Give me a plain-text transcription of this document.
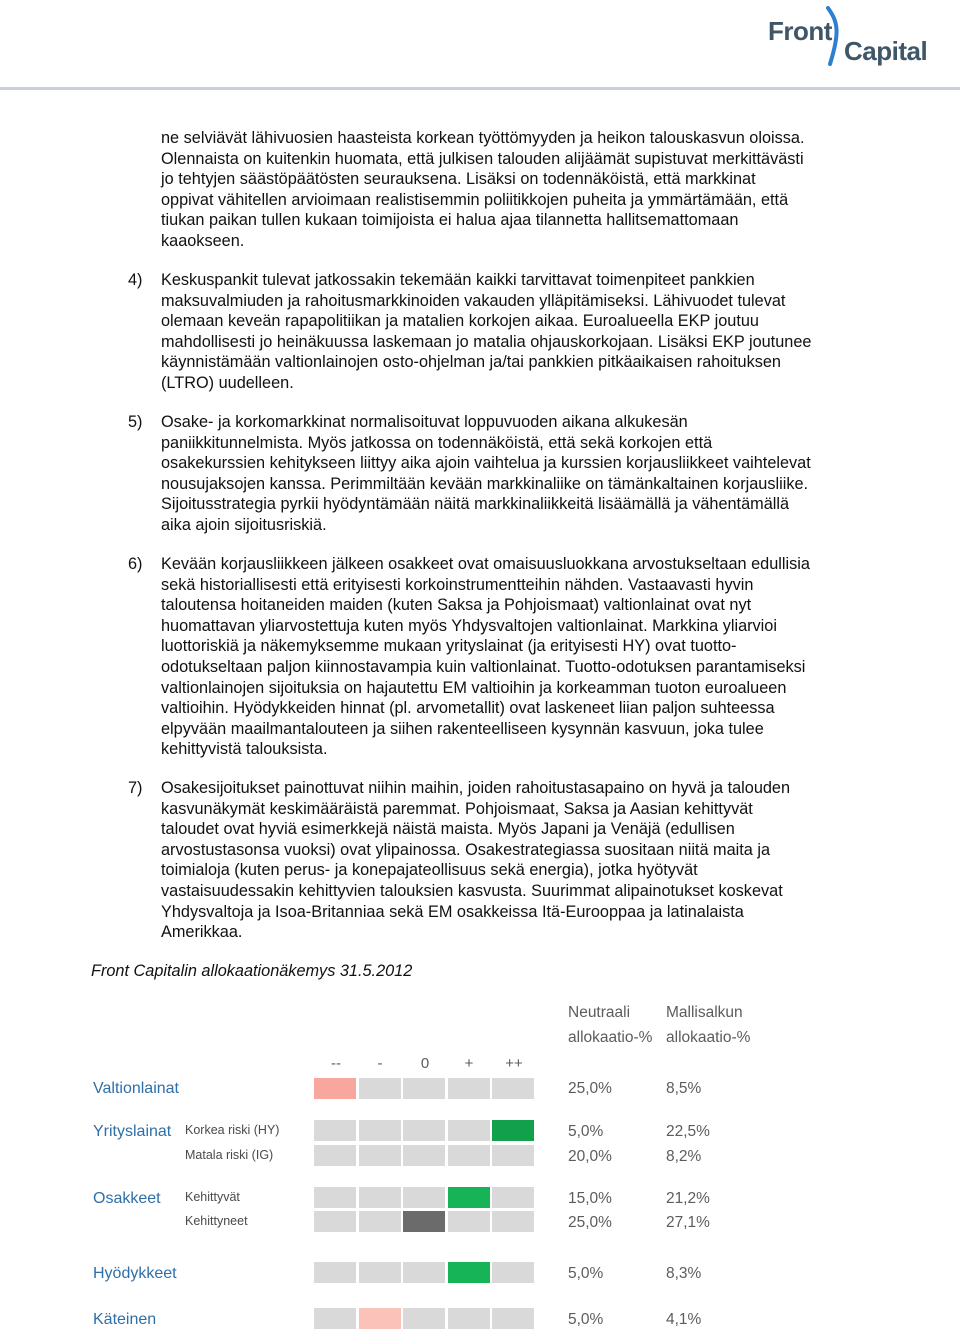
Front
Capital

ne selviävät lähivuosien haasteista korkean työttömyyden ja heikon talouskasvun oloissa.
Olennaista on kuitenkin huomata, että julkisen talouden alijäämät supistuvat merkittävästi
jo tehtyjen säästöpäätösten seurauksena. Lisäksi on todennäköistä, että markkinat
oppivat vähitellen arvioimaan realistisemmin poliitikkojen puheita ja ymmärtämään, että
tiukan paikan tullen kukaan toimijoista ei halua ajaa tilannetta hallitsemattomaan
kaaokseen.

4) Keskuspankit tulevat jatkossakin tekemään kaikki tarvittavat toimenpiteet pankkien
maksuvalmiuden ja rahoitusmarkkinoiden vakauden ylläpitämiseksi. Lähivuodet tulevat
olemaan keveän rapapolitiikan ja matalien korkojen aikaa. Euroalueella EKP joutuu
mahdollisesti jo heinäkuussa laskemaan jo matalia ohjauskorkojaan. Lisäksi EKP joutunee
käynnistämään valtionlainojen osto-ohjelman ja/tai pankkien pitkäaikaisen rahoituksen
(LTRO) uudelleen.

5) Osake- ja korkomarkkinat normalisoituvat loppuvuoden aikana alkukesän
paniikkitunnelmista. Myös jatkossa on todennäköistä, että sekä korkojen että
osakekurssien kehitykseen liittyy aika ajoin vaihtelua ja kurssien korjausliikkeet vaihtelevat
nousujaksojen kanssa. Perimmiltään kevään markkinaliike on tämänkaltainen korjausliike.
Sijoitusstrategia pyrkii hyödyntämään näitä markkinaliikkeitä lisäämällä ja vähentämällä
aika ajoin sijoitusriskiä.

6) Kevään korjausliikkeen jälkeen osakkeet ovat omaisuusluokkana arvostukseltaan edullisia
sekä historiallisesti että erityisesti korkoinstrumentteihin nähden. Vastaavasti hyvin
taloutensa hoitaneiden maiden (kuten Saksa ja Pohjoismaat) valtionlainat ovat nyt
huomattavan yliarvostettuja kuten myös Yhdysvaltojen valtionlainat. Markkina yliarvioi
luottoriskiä ja näkemyksemme mukaan yrityslainat (ja erityisesti HY) ovat tuotto-
odotukseltaan paljon kiinnostavampia kuin valtionlainat. Tuotto-odotuksen parantamiseksi
valtionlainojen sijoituksia on hajautettu EM valtioihin ja korkeamman tuoton euroalueen
valtioihin. Hyödykkeiden hinnat (pl. arvometallit) ovat laskeneet liian paljon suhteessa
elpyvään maailmantalouteen ja siihen rakenteelliseen kysynnän kasvuun, joka tulee
kehittyvistä talouksista.

7) Osakesijoitukset painottuvat niihin maihin, joiden rahoitustasapaino on hyvä ja talouden
kasvunäkymät keskimääräistä paremmat. Pohjoismaat, Saksa ja Aasian kehittyvät
taloudet ovat hyviä esimerkkejä näistä maista. Myös Japani ja Venäjä (edullisen
arvostustasonsa vuoksi) ovat ylipainossa. Osakestrategiassa suositaan niitä maita ja
toimialoja (kuten perus- ja konepajateollisuus sekä energia), jotka hyötyvät
vastaisuudessakin kehittyvien talouksien kasvusta. Suurimmat alipainotukset koskevat
Yhdysvaltoja ja Isoa-Britanniaa sekä EM osakkeissa Itä-Eurooppaa ja latinalaista
Amerikkaa.

Front Capitalin allokaationäkemys 31.5.2012
Neutraali
allokaatio-%
Mallisalkun
allokaatio-%
--	-	0	+	++
Valtionlainat	25,0%	8,5%
Yrityslainat Korkea riski (HY)	5,0%	22,5%
Matala riski (IG)	20,0%	8,2%
Osakkeet Kehittyvät	15,0%	21,2%
Kehittyneet	25,0%	27,1%
Hyödykkeet	5,0%	8,3%
Käteinen	5,0%	4,1%
